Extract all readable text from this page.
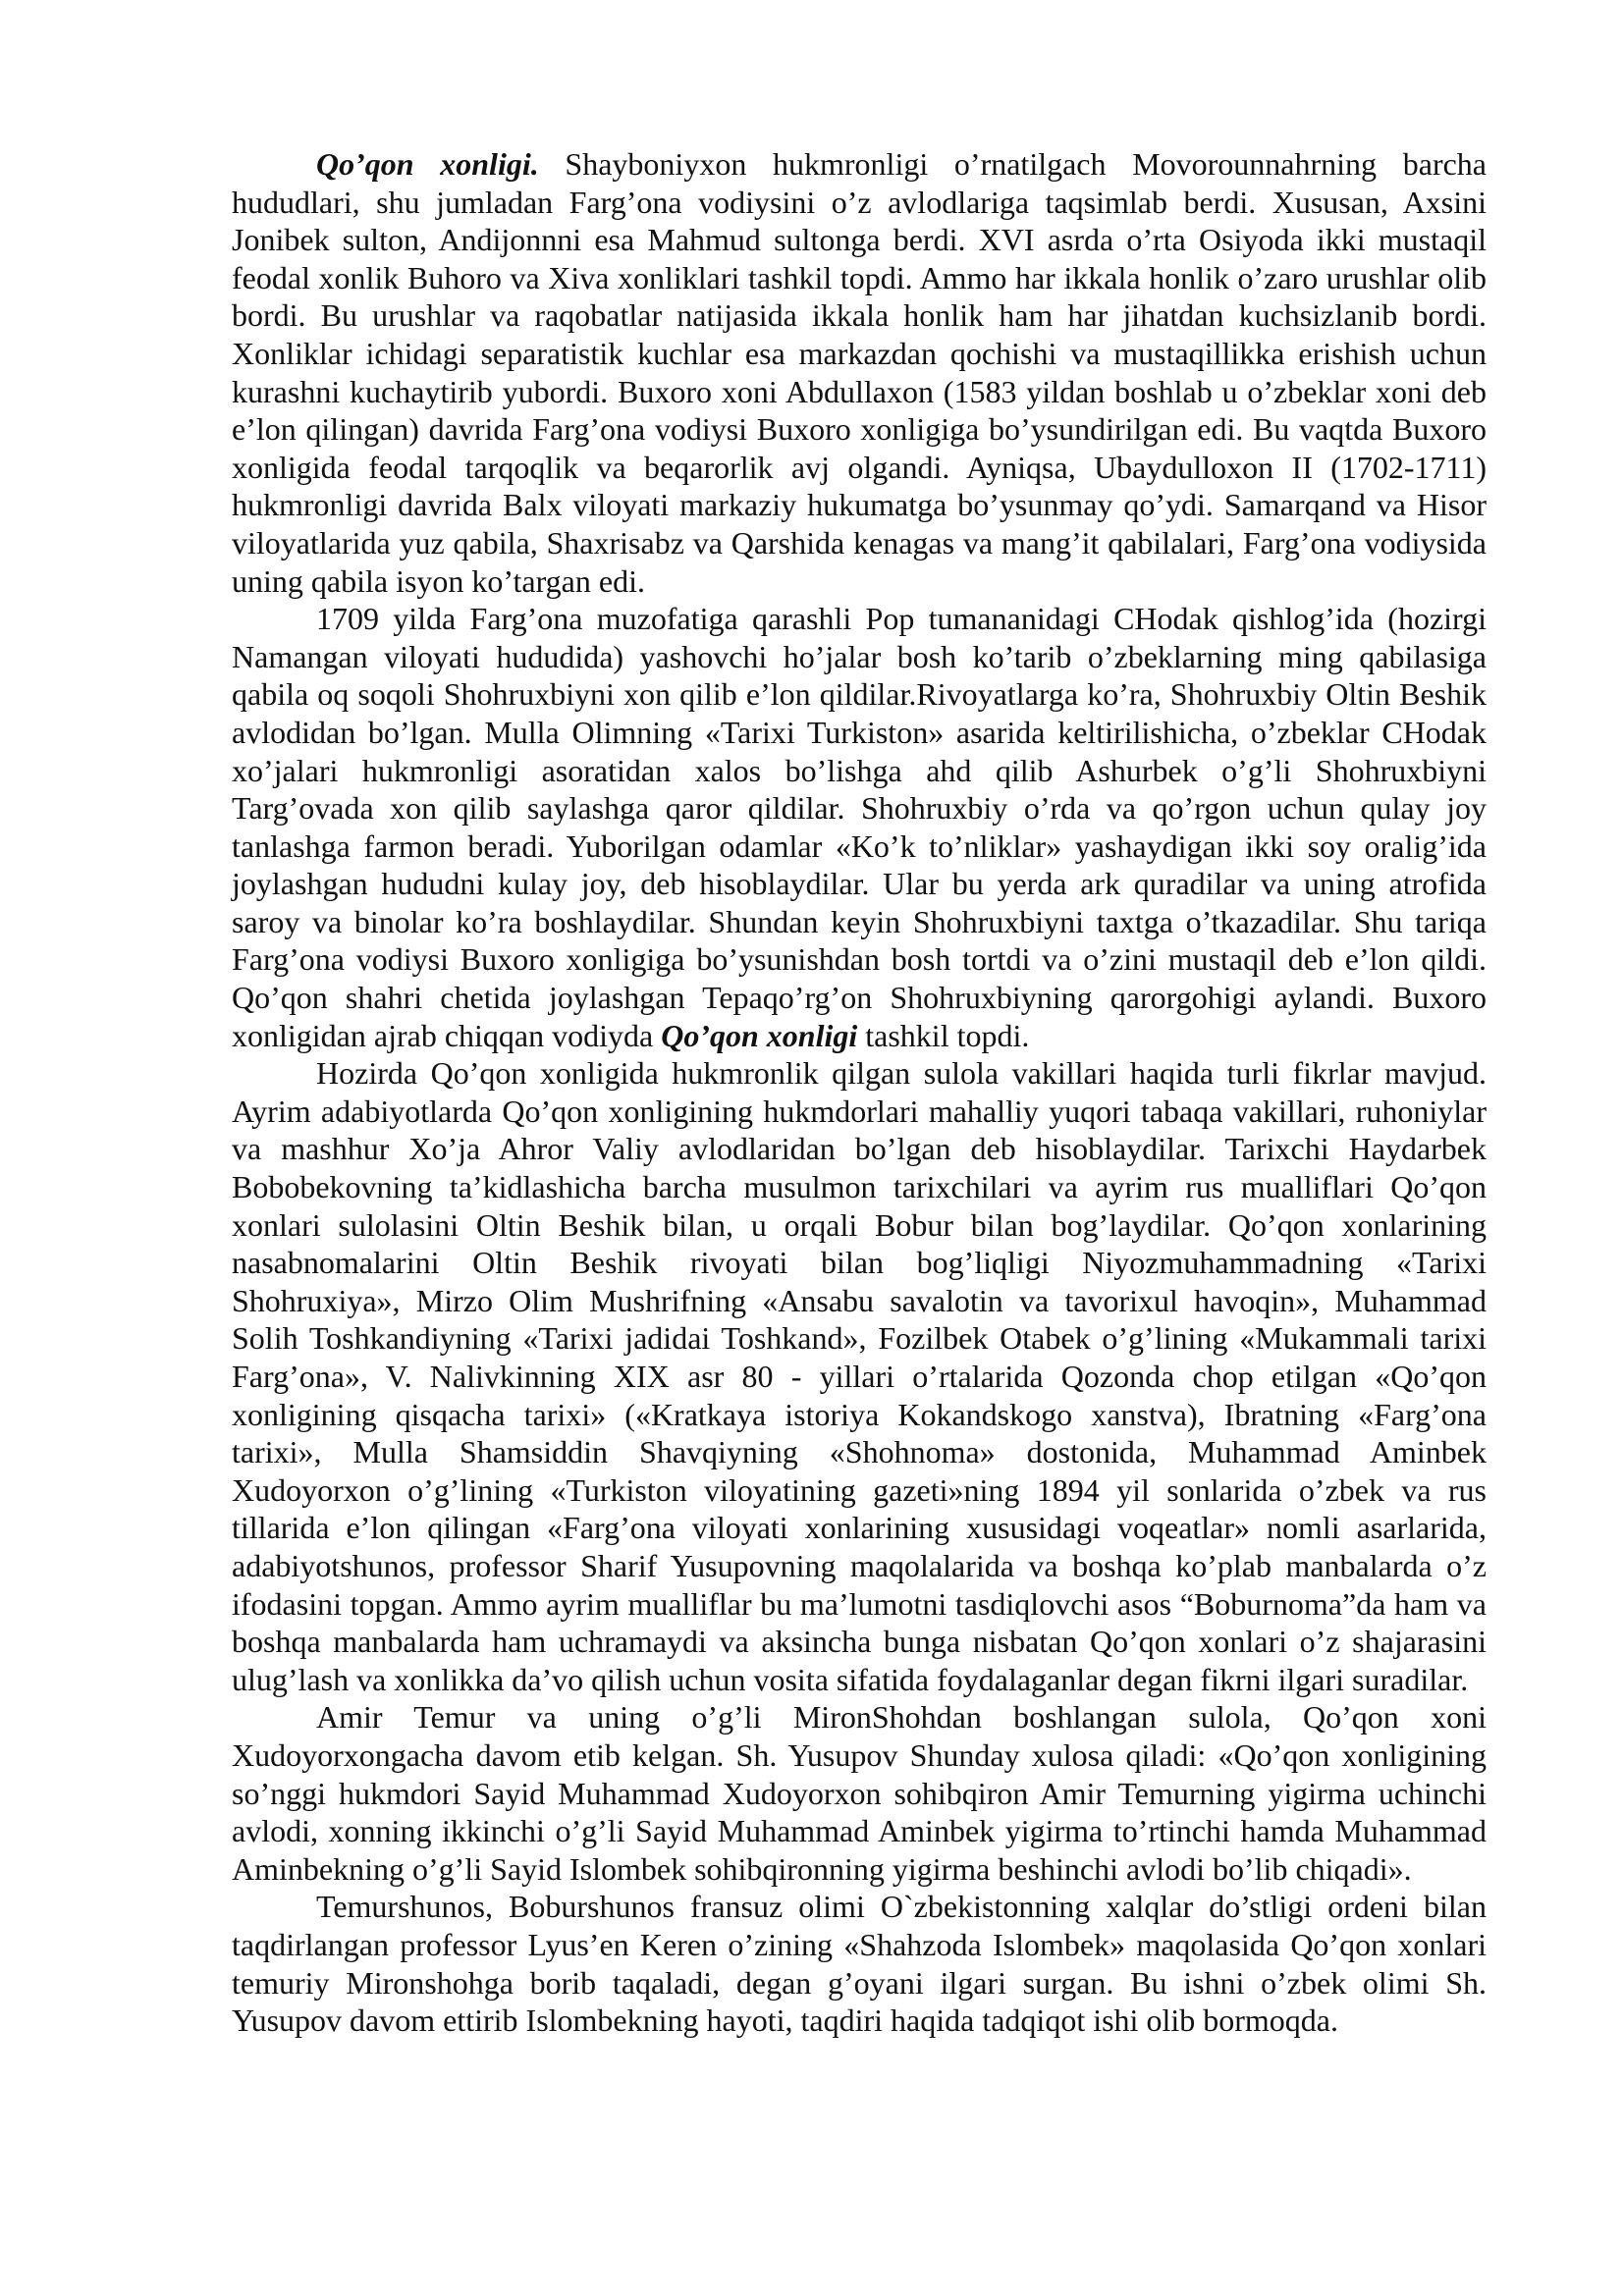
Qo’qon xonligi. Shayboniyxon hukmronligi o’rnatilgach Movorounnahrning barcha hududlari, shu jumladan Farg’ona vodiysini o’z avlodlariga taqsimlab berdi. Xususan, Axsini Jonibek sulton, Andijonnni esa Mahmud sultonga berdi. XVI asrda o’rta Osiyoda ikki mustaqil feodal xonlik Buhoro va Xiva xonliklari tashkil topdi. Ammo har ikkala honlik o’zaro urushlar olib bordi. Bu urushlar va raqobatlar natijasida ikkala honlik ham har jihatdan kuchsizlanib bordi. Xonliklar ichidagi separatistik kuchlar esa markazdan qochishi va mustaqillikka erishish uchun kurashni kuchaytirib yubordi. Buxoro xoni Abdullaxon (1583 yildan boshlab u o’zbeklar xoni deb e’lon qilingan) davrida Farg’ona vodiysi Buxoro xonligiga bo’ysundirilgan edi. Bu vaqtda Buxoro xonligida feodal tarqoqlik va beqarorlik avj olgandi. Ayniqsa, Ubaydulloxon II (1702-1711) hukmronligi davrida Balx viloyati markaziy hukumatga bo’ysunmay qo’ydi. Samarqand va Hisor viloyatlarida yuz qabila, Shaxrisabz va Qarshida kenagas va mang’it qabilalari, Farg’ona vodiysida uning qabila isyon ko’targan edi.

1709 yilda Farg’ona muzofatiga qarashli Pop tumananidagi CHodak qishlog’ida (hozirgi Namangan viloyati hududida) yashovchi ho’jalar bosh ko’tarib o’zbeklarning ming qabilasiga qabila oq soqoli Shohruxbiyni xon qilib e’lon qildilar.Rivoyatlarga ko’ra, Shohruxbiy Oltin Beshik avlodidan bo’lgan. Mulla Olimning «Tarixi Turkiston» asarida keltirilishicha, o’zbeklar CHodak xo’jalari hukmronligi asoratidan xalos bo’lishga ahd qilib Ashurbek o’g’li Shohruxbiyni Targ’ovada xon qilib saylashga qaror qildilar. Shohruxbiy o’rda va qo’rgon uchun qulay joy tanlashga farmon beradi. Yuborilgan odamlar «Ko’k to’nliklar» yashaydigan ikki soy oralig’ida joylashgan hududni kulay joy, deb hisoblaydilar. Ular bu yerda ark quradilar va uning atrofida saroy va binolar ko’ra boshlaydilar. Shundan keyin Shohruxbiyni taxtga o’tkazadilar. Shu tariqa Farg’ona vodiysi Buxoro xonligiga bo’ysunishdan bosh tortdi va o’zini mustaqil deb e’lon qildi. Qo’qon shahri chetida joylashgan Tepaqo’rg’on Shohruxbiyning qarorgohigi aylandi. Buxoro xonligidan ajrab chiqqan vodiyda Qo’qon xonligi tashkil topdi.

Hozirda Qo’qon xonligida hukmronlik qilgan sulola vakillari haqida turli fikrlar mavjud. Ayrim adabiyotlarda Qo’qon xonligining hukmdorlari mahalliy yuqori tabaqa vakillari, ruhoniylar va mashhur Xo’ja Ahror Valiy avlodlaridan bo’lgan deb hisoblaydilar. Tarixchi Haydarbek Bobobekovning ta’kidlashicha barcha musulmon tarixchilari va ayrim rus mualliflari Qo’qon xonlari sulolasini Oltin Beshik bilan, u orqali Bobur bilan bog’laydilar. Qo’qon xonlarining nasabnomalarini Oltin Beshik rivoyati bilan bog’liqligi Niyozmuhammadning «Tarixi Shohruxiya», Mirzo Olim Mushrifning «Ansabu savalotin va tavorixul havoqin», Muhammad Solih Toshkandiyning «Tarixi jadidai Toshkand», Fozilbek Otabek o’g’lining «Mukammali tarixi Farg’ona», V. Nalivkinning XIX asr 80 - yillari o’rtalarida Qozonda chop etilgan «Qo’qon xonligining qisqacha tarixi» («Kratkaya istoriya Kokandskogo xanstva), Ibratning «Farg’ona tarixi», Mulla Shamsiddin Shavqiyning «Shohnoma» dostonida, Muhammad Aminbek Xudoyorxon o’g’lining «Turkiston viloyatining gazeti»ning 1894 yil sonlarida o’zbek va rus tillarida e’lon qilingan «Farg’ona viloyati xonlarining xususidagi voqeatlar» nomli asarlarida, adabiyotshunos, professor Sharif Yusupovning maqolalarida va boshqa ko’plab manbalarda o’z ifodasini topgan. Ammo ayrim mualliflar bu ma’lumotni tasdiqlovchi asos “Boburnoma”da ham va boshqa manbalarda ham uchramaydi va aksincha bunga nisbatan Qo’qon xonlari o’z shajarasini ulug’lash va xonlikka da’vo qilish uchun vosita sifatida foydalaganlar degan fikrni ilgari suradilar.

Amir Temur va uning o’g’li MironShohdan boshlangan sulola, Qo’qon xoni Xudoyorxongacha davom etib kelgan. Sh. Yusupov Shunday xulosa qiladi: «Qo’qon xonligining so’nggi hukmdori Sayid Muhammad Xudoyorxon sohibqiron Amir Temurning yigirma uchinchi avlodi, xonning ikkinchi o’g’li Sayid Muhammad Aminbek yigirma to’rtinchi hamda Muhammad Aminbekning o’g’li Sayid Islombek sohibqironning yigirma beshinchi avlodi bo’lib chiqadi».

Temurshunos, Boburshunos fransuz olimi O`zbekistonning xalqlar do’stligi ordeni bilan taqdirlangan professor Lyus’en Keren o’zining «Shahzoda Islombek» maqolasida Qo’qon xonlari temuriy Mironshohga borib taqaladi, degan g’oyani ilgari surgan. Bu ishni o’zbek olimi Sh. Yusupov davom ettirib Islombekning hayoti, taqdiri haqida tadqiqot ishi olib bormoqda.
